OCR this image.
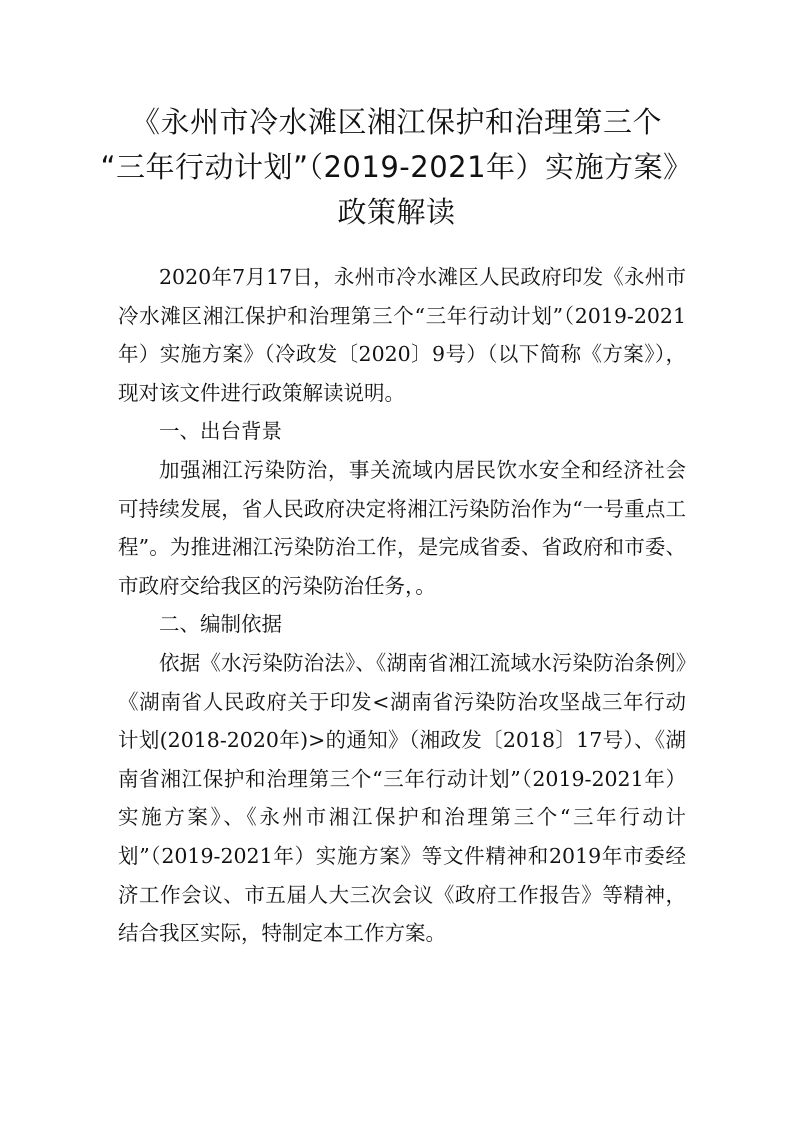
《永州市冷水滩区湘江保护和治理第三个
“三年行动计划”（2019-2021年）实施方案》
政策解读

2020年7月17日，永州市冷水滩区人民政府印发《永州市冷水滩区湘江保护和治理第三个“三年行动计划”（2019-2021年）实施方案》（冷政发〔2020〕9号）（以下简称《方案》），现对该文件进行政策解读说明。

一、出台背景

加强湘江污染防治，事关流域内居民饮水安全和经济社会可持续发展，省人民政府决定将湘江污染防治作为“一号重点工程”。为推进湘江污染防治工作，是完成省委、省政府和市委、市政府交给我区的污染防治任务，。

二、编制依据

依据《水污染防治法》、《湖南省湘江流域水污染防治条例》《湖南省人民政府关于印发<湖南省污染防治攻坚战三年行动计划(2018-2020年)>的通知》（湘政发〔2018〕17号）、《湖南省湘江保护和治理第三个“三年行动计划”（2019-2021年）实施方案》、《永州市湘江保护和治理第三个“三年行动计划”（2019-2021年）实施方案》等文件精神和2019年市委经济工作会议、市五届人大三次会议《政府工作报告》等精神，结合我区实际，特制定本工作方案。
